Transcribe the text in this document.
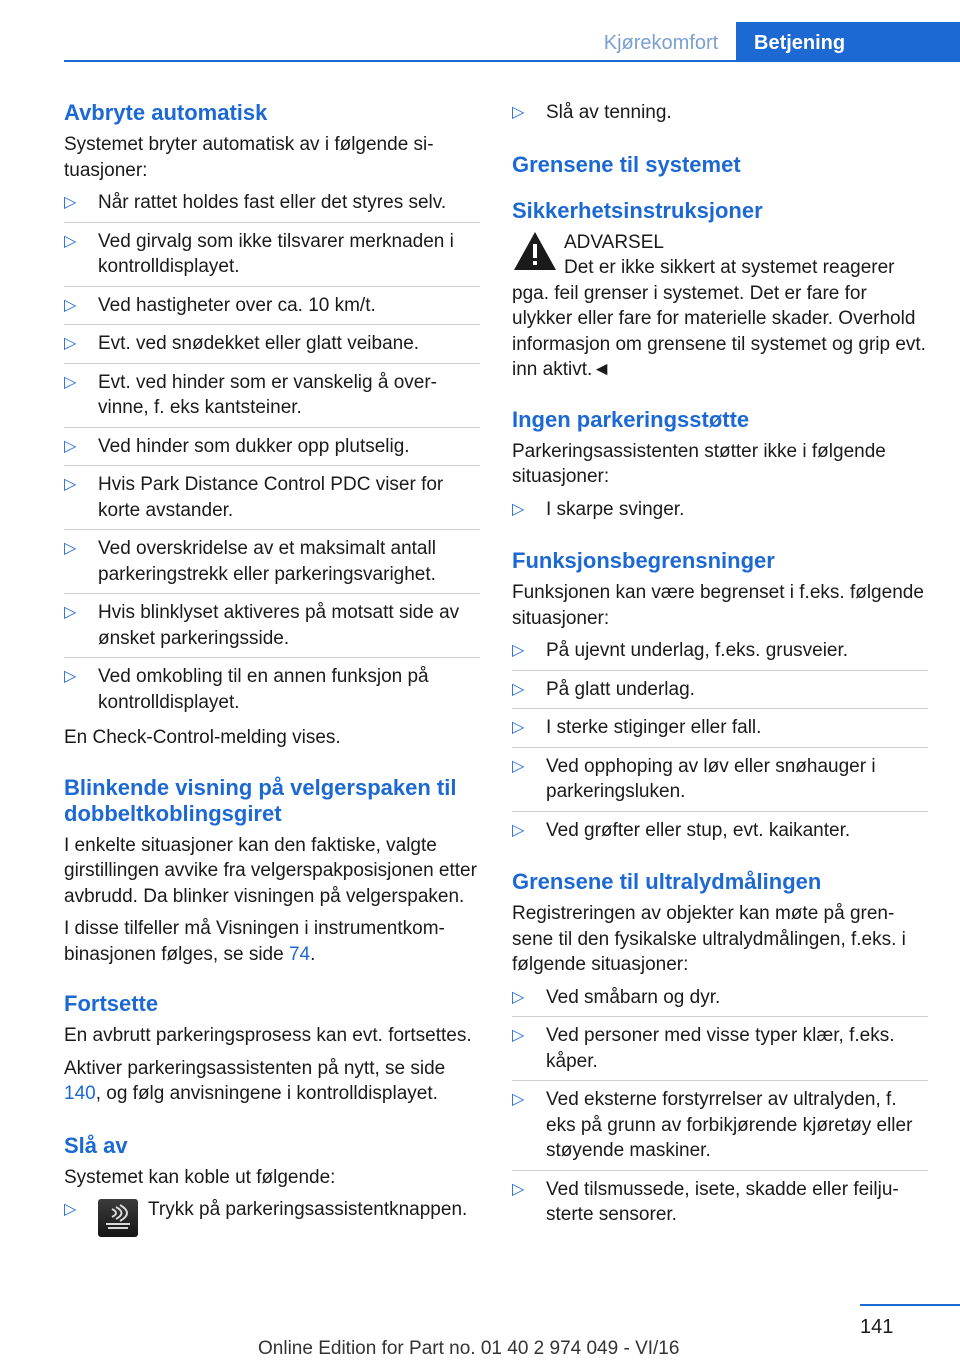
Kjørekomfort	Betjening
Avbryte automatisk

Systemet bryter automatisk av i følgende situasjoner:

▷ Når rattet holdes fast eller det styres selv.
▷ Ved girvalg som ikke tilsvarer merknaden i kontrolldisplayet.
▷ Ved hastigheter over ca. 10 km/t.
▷ Evt. ved snødekket eller glatt veibane.
▷ Evt. ved hinder som er vanskelig å overvinne, f. eks kantsteiner.
▷ Ved hinder som dukker opp plutselig.
▷ Hvis Park Distance Control PDC viser for korte avstander.
▷ Ved overskridelse av et maksimalt antall parkeringstrekk eller parkeringsvarighet.
▷ Hvis blinklyset aktiveres på motsatt side av ønsket parkeringsside.
▷ Ved omkobling til en annen funksjon på kontrolldisplayet.

En Check-Control-melding vises.

Blinkende visning på velgerspaken til dobbeltkoblingsgiret

I enkelte situasjoner kan den faktiske, valgte girstillingen avvike fra velgerspakposisjonen etter avbrudd. Da blinker visningen på velgerspaken.

I disse tilfeller må Visningen i instrumentkombinasjonen følges, se side 74.

Fortsette

En avbrutt parkeringsprosess kan evt. fortsettes.

Aktiver parkeringsassistenten på nytt, se side 140, og følg anvisningene i kontrolldisplayet.

Slå av

Systemet kan koble ut følgende:

▷	Trykk på parkeringsassistentknappen.
▷ Slå av tenning.
Grensene til systemet
Sikkerhetsinstruksjoner
ADVARSEL
Det er ikke sikkert at systemet reagerer pga. feil grenser i systemet. Det er fare for ulykker eller fare for materielle skader. Overhold informasjon om grensene til systemet og grip evt. inn aktivt.◄
Ingen parkeringsstøtte

Parkeringsassistenten støtter ikke i følgende situasjoner:

▷ I skarpe svinger.
Funksjonsbegrensninger

Funksjonen kan være begrenset i f.eks. følgende situasjoner:

▷ På ujevnt underlag, f.eks. grusveier.
▷ På glatt underlag.
▷ I sterke stiginger eller fall.
▷ Ved opphoping av løv eller snøhauger i parkeringsluken.
▷ Ved grøfter eller stup, evt. kaikanter.
Grensene til ultralydmålingen

Registreringen av objekter kan møte på grensene til den fysikalske ultralydmålingen, f.eks. i følgende situasjoner:

▷ Ved småbarn og dyr.
▷ Ved personer med visse typer klær, f.eks. kåper.
▷ Ved eksterne forstyrrelser av ultralyden, f. eks på grunn av forbikjørende kjøretøy eller støyende maskiner.
▷ Ved tilsmussede, isete, skadde eller feiljusterte sensorer.
141
Online Edition for Part no. 01 40 2 974 049 - VI/16
